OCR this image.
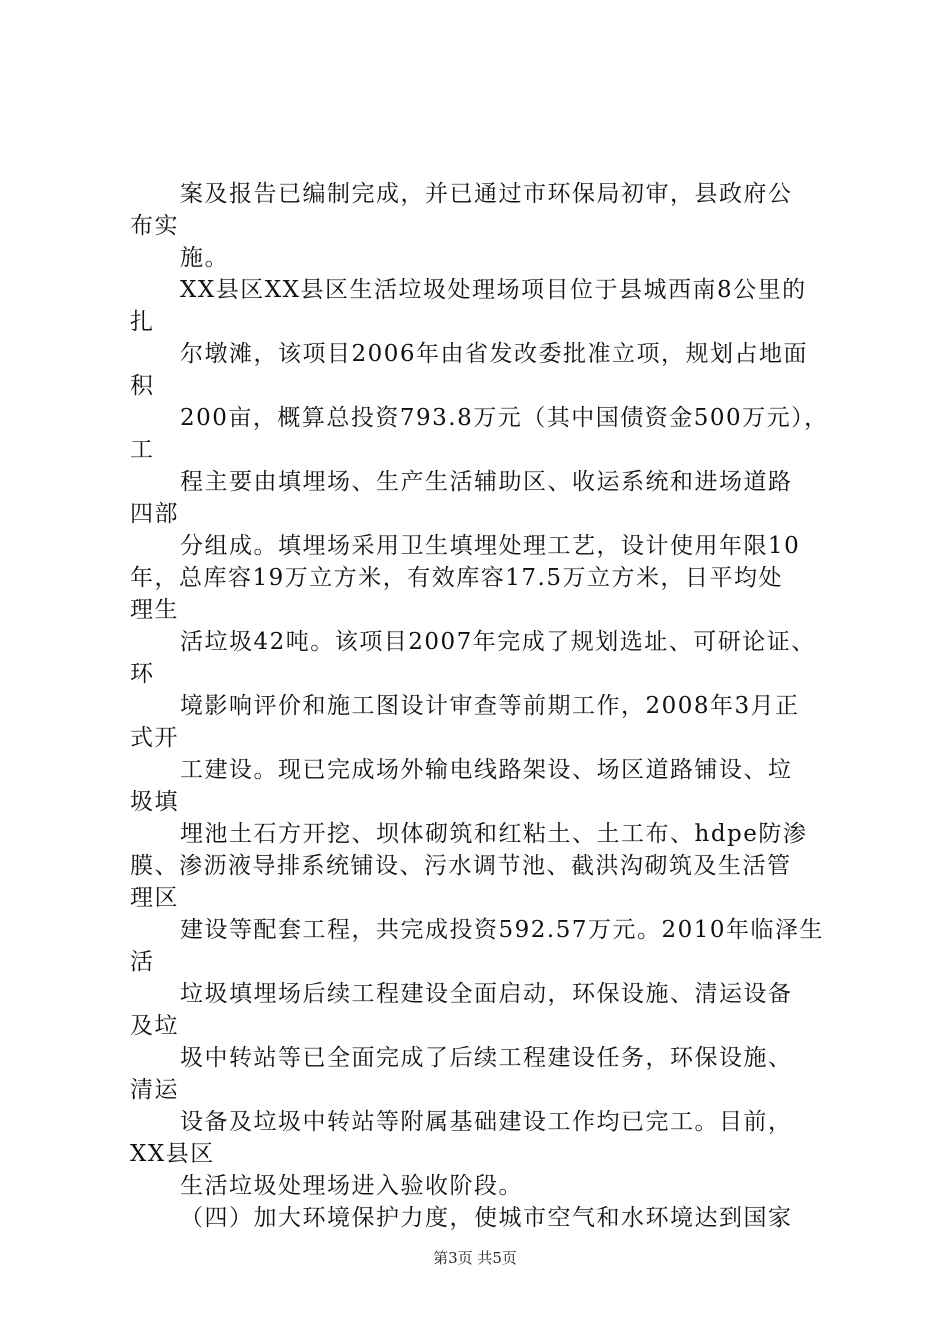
案及报告已编制完成，并已通过市环保局初审，县政府公
布实
施。
XX县区XX县区生活垃圾处理场项目位于县城西南8公里的
扎
尔墩滩，该项目2006年由省发改委批准立项，规划占地面
积
200亩，概算总投资793.8万元（其中国债资金500万元），
工
程主要由填埋场、生产生活辅助区、收运系统和进场道路
四部
分组成。填埋场采用卫生填埋处理工艺，设计使用年限10
年，总库容19万立方米，有效库容17.5万立方米，日平均处
理生
活垃圾42吨。该项目2007年完成了规划选址、可研论证、
环
境影响评价和施工图设计审查等前期工作，2008年3月正
式开
工建设。现已完成场外输电线路架设、场区道路铺设、垃
圾填
埋池土石方开挖、坝体砌筑和红粘土、土工布、hdpe防渗
膜、渗沥液导排系统铺设、污水调节池、截洪沟砌筑及生活管
理区
建设等配套工程，共完成投资592.57万元。2010年临泽生
活
垃圾填埋场后续工程建设全面启动，环保设施、清运设备
及垃
圾中转站等已全面完成了后续工程建设任务，环保设施、
清运
设备及垃圾中转站等附属基础建设工作均已完工。目前，
XX县区
生活垃圾处理场进入验收阶段。
（四）加大环境保护力度，使城市空气和水环境达到国家
第3页 共5页
